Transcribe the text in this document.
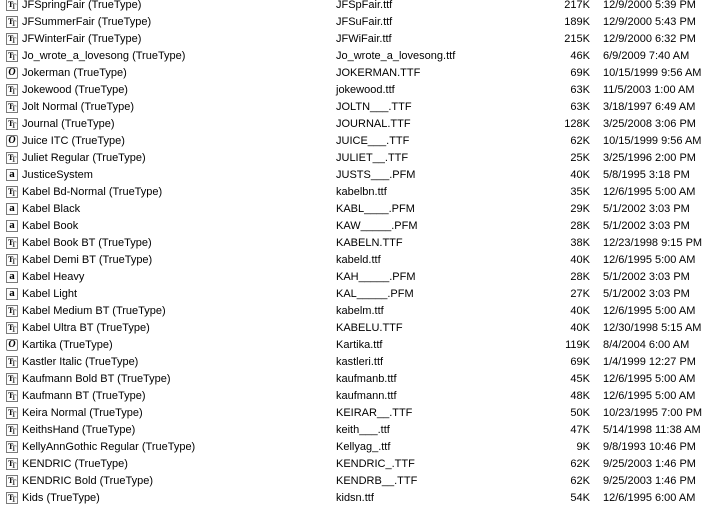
T T
JFSpringFair (TrueType)	JFSpFair.ttf	217K 12/9/2000 5:39 PM
T T
JFSummerFair (TrueType)	JFSuFair.ttf	189K 12/9/2000 5:43 PM
T T
JFWinterFair (TrueType)	JFWiFair.ttf	215K 12/9/2000 6:32 PM
T T
Jo_wrote_a_lovesong (TrueType)	Jo_wrote_a_lovesong.ttf	46K 6/9/2009 7:40 AM
O
Jokerman (TrueType)	JOKERMAN.TTF	69K 10/15/1999 9:56 AM
T T
Jokewood (TrueType)	jokewood.ttf	63K 11/5/2003 1:00 AM
T T
Jolt Normal (TrueType)	JOLTN___.TTF	63K 3/18/1997 6:49 AM
T T
Journal (TrueType)	JOURNAL.TTF	128K 3/25/2008 3:06 PM
O
Juice ITC (TrueType)	JUICE___.TTF	62K 10/15/1999 9:56 AM
T T
Juliet Regular (TrueType)	JULIET__.TTF	25K 3/25/1996 2:00 PM
a
JusticeSystem	JUSTS___.PFM	40K 5/8/1995 3:18 PM
T T
Kabel Bd-Normal (TrueType)	kabelbn.ttf	35K 12/6/1995 5:00 AM
a
Kabel Black	KABL____.PFM	29K 5/1/2002 3:03 PM
a
Kabel Book	KAW_____.PFM	28K 5/1/2002 3:03 PM
T T
Kabel Book BT (TrueType)	KABELN.TTF	38K 12/23/1998 9:15 PM
T T
Kabel Demi BT (TrueType)	kabeld.ttf	40K 12/6/1995 5:00 AM
a
Kabel Heavy	KAH_____.PFM	28K 5/1/2002 3:03 PM
a
Kabel Light	KAL_____.PFM	27K 5/1/2002 3:03 PM
T T
Kabel Medium BT (TrueType)	kabelm.ttf	40K 12/6/1995 5:00 AM
T T
Kabel Ultra BT (TrueType)	KABELU.TTF	40K 12/30/1998 5:15 AM
O
Kartika (TrueType)	Kartika.ttf	119K 8/4/2004 6:00 AM
T T
Kastler Italic (TrueType)	kastleri.ttf	69K 1/4/1999 12:27 PM
T T
Kaufmann Bold BT (TrueType)	kaufmanb.ttf	45K 12/6/1995 5:00 AM
T T
Kaufmann BT (TrueType)	kaufmann.ttf	48K 12/6/1995 5:00 AM
T T
Keira Normal (TrueType)	KEIRAR__.TTF	50K 10/23/1995 7:00 PM
T T
KeithsHand (TrueType)	keith___.ttf	47K 5/14/1998 11:38 AM
T T
KellyAnnGothic Regular (TrueType)	Kellyag_.ttf	9K 9/8/1993 10:46 PM
T T
KENDRIC (TrueType)	KENDRIC_.TTF	62K 9/25/2003 1:46 PM
T T
KENDRIC Bold (TrueType)	KENDRB__.TTF	62K 9/25/2003 1:46 PM
T T
Kids (TrueType)	kidsn.ttf	54K 12/6/1995 6:00 AM
